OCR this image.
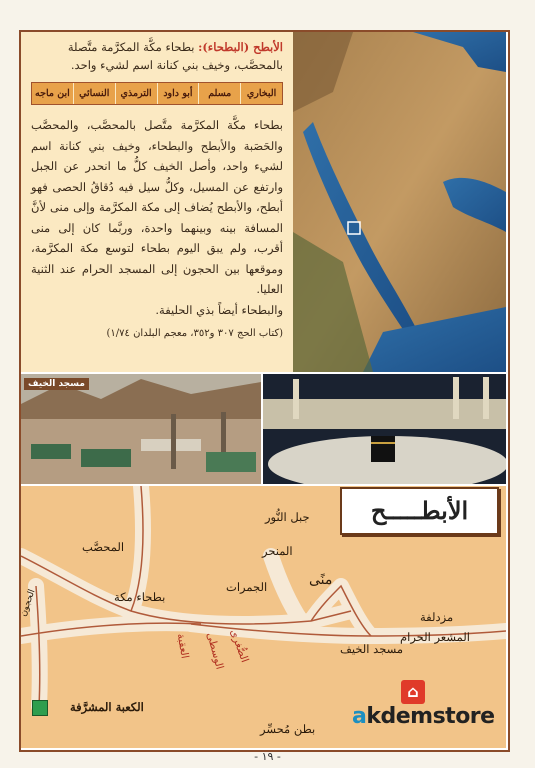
الأبطح (البطحاء): بطحاء مكَّة المكرَّمة متَّصلة بالمحصَّب، وخيف بني كنانة اسم لشيء واحد.

البخاري
مسلم
أبو داود
الترمذي
النسائي
ابن ماجه

بطحاء مكَّة المكرَّمة متَّصل بالمحصَّب، والمحصَّب والحَصَبة والأبطح والبطحاء، وخيف بني كنانة اسم لشيء واحد، وأصل الخيف كلُّ ما انحدر عن الجبل وارتفع عن المسيل، وكلُّ سيل فيه دُقاقُ الحصى فهو أبطح، والأبطح يُضاف إلى مكة المكرَّمة وإلى منى لأنَّ المسافة بينه وبينهما واحدة، وربَّما كان إلى منى أقرب، ولم يبق اليوم بطحاء لتوسع مكة المكرَّمة، وموقعها بين الحجون إلى المسجد الحرام عند الثنية العليا.

والبطحاء أيضاً بذي الحليفة.

(كتاب الحج ٣٠٧ و٣٥٢، معجم البلدان ١/٧٤)
مسجد الخيف
الأبطـــــح
جبل النُّور
المحصَّب	المنحر
منًى
الجمرات
بطحاء مكة
الحجون	مزدلفة
المشعر الحرام
مسجد الخيف
العقبة الوسطى الصُّغرى
الكعبة المشرَّفة
بطن مُحسِّر
⌂
akdemstore
- ١٩ -
